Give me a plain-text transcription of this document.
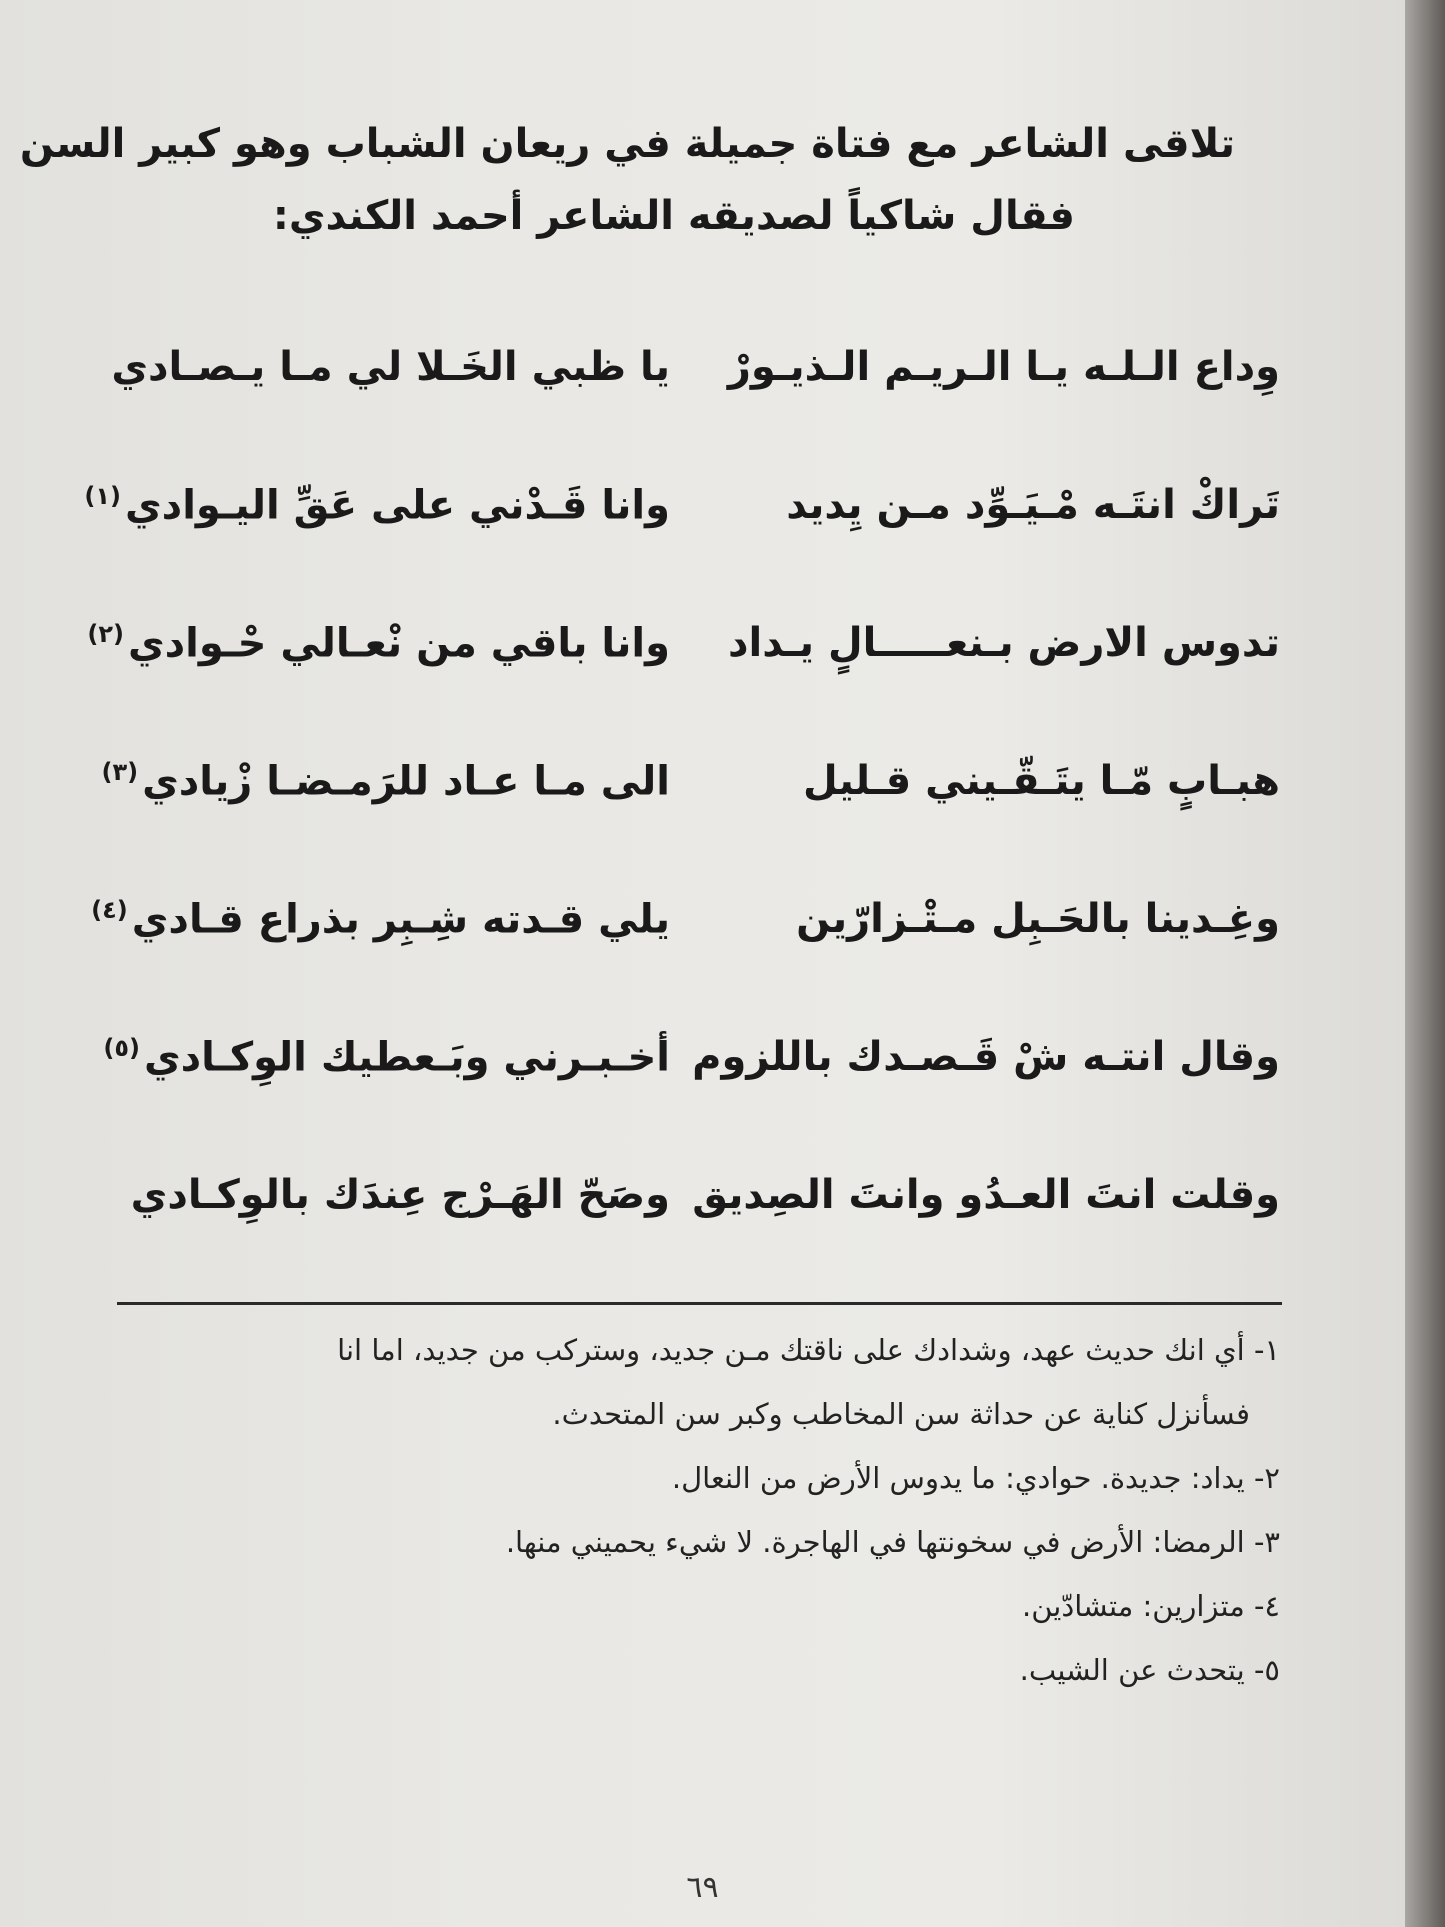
تلاقى الشاعر مع فتاة جميلة في ريعان الشباب وهو كبير السن
فقال شاكياً لصديقه الشاعر أحمد الكندي:
وِداع الـلـه يـا الـريـم الـذيـورْ
يا ظبي الخَـلا لي مـا يـصـادي
تَراكْ انتَـه مْـيَـوِّد مـن يِديد
وانا قَـدْني على عَقِّ اليـوادي$^{(١)}$
تدوس الارض بـنعـــــالٍ يـداد
وانا باقي من نْعـالي حْـوادي$^{(٢)}$
هبـابٍ مّـا يتَـقّـيني قـليل
الى مـا عـاد للرَمـضـا زْيادي$^{(٣)}$
وغِـدينا بالحَـبِل مـتْـزارّين
يلي قـدته شِـبِر بذراع قـادي$^{(٤)}$
وقال انتـه شْ قَـصـدك باللزوم
أخـبـرني وبَـعطيك الوِكـادي$^{(٥)}$
وقلت انتَ العـدُو وانتَ الصِديق
وصَحّ الهَـرْج عِندَك بالوِكـادي
١- أي انك حديث عهد، وشدادك على ناقتك مـن جديد، وستركب من جديد، اما انا
فسأنزل كناية عن حداثة سن المخاطب وكبر سن المتحدث.
٢- يداد: جديدة. حوادي: ما يدوس الأرض من النعال.
٣- الرمضا: الأرض في سخونتها في الهاجرة. لا شيء يحميني منها.
٤- متزارين: متشادّين.
٥- يتحدث عن الشيب.
٦٩
